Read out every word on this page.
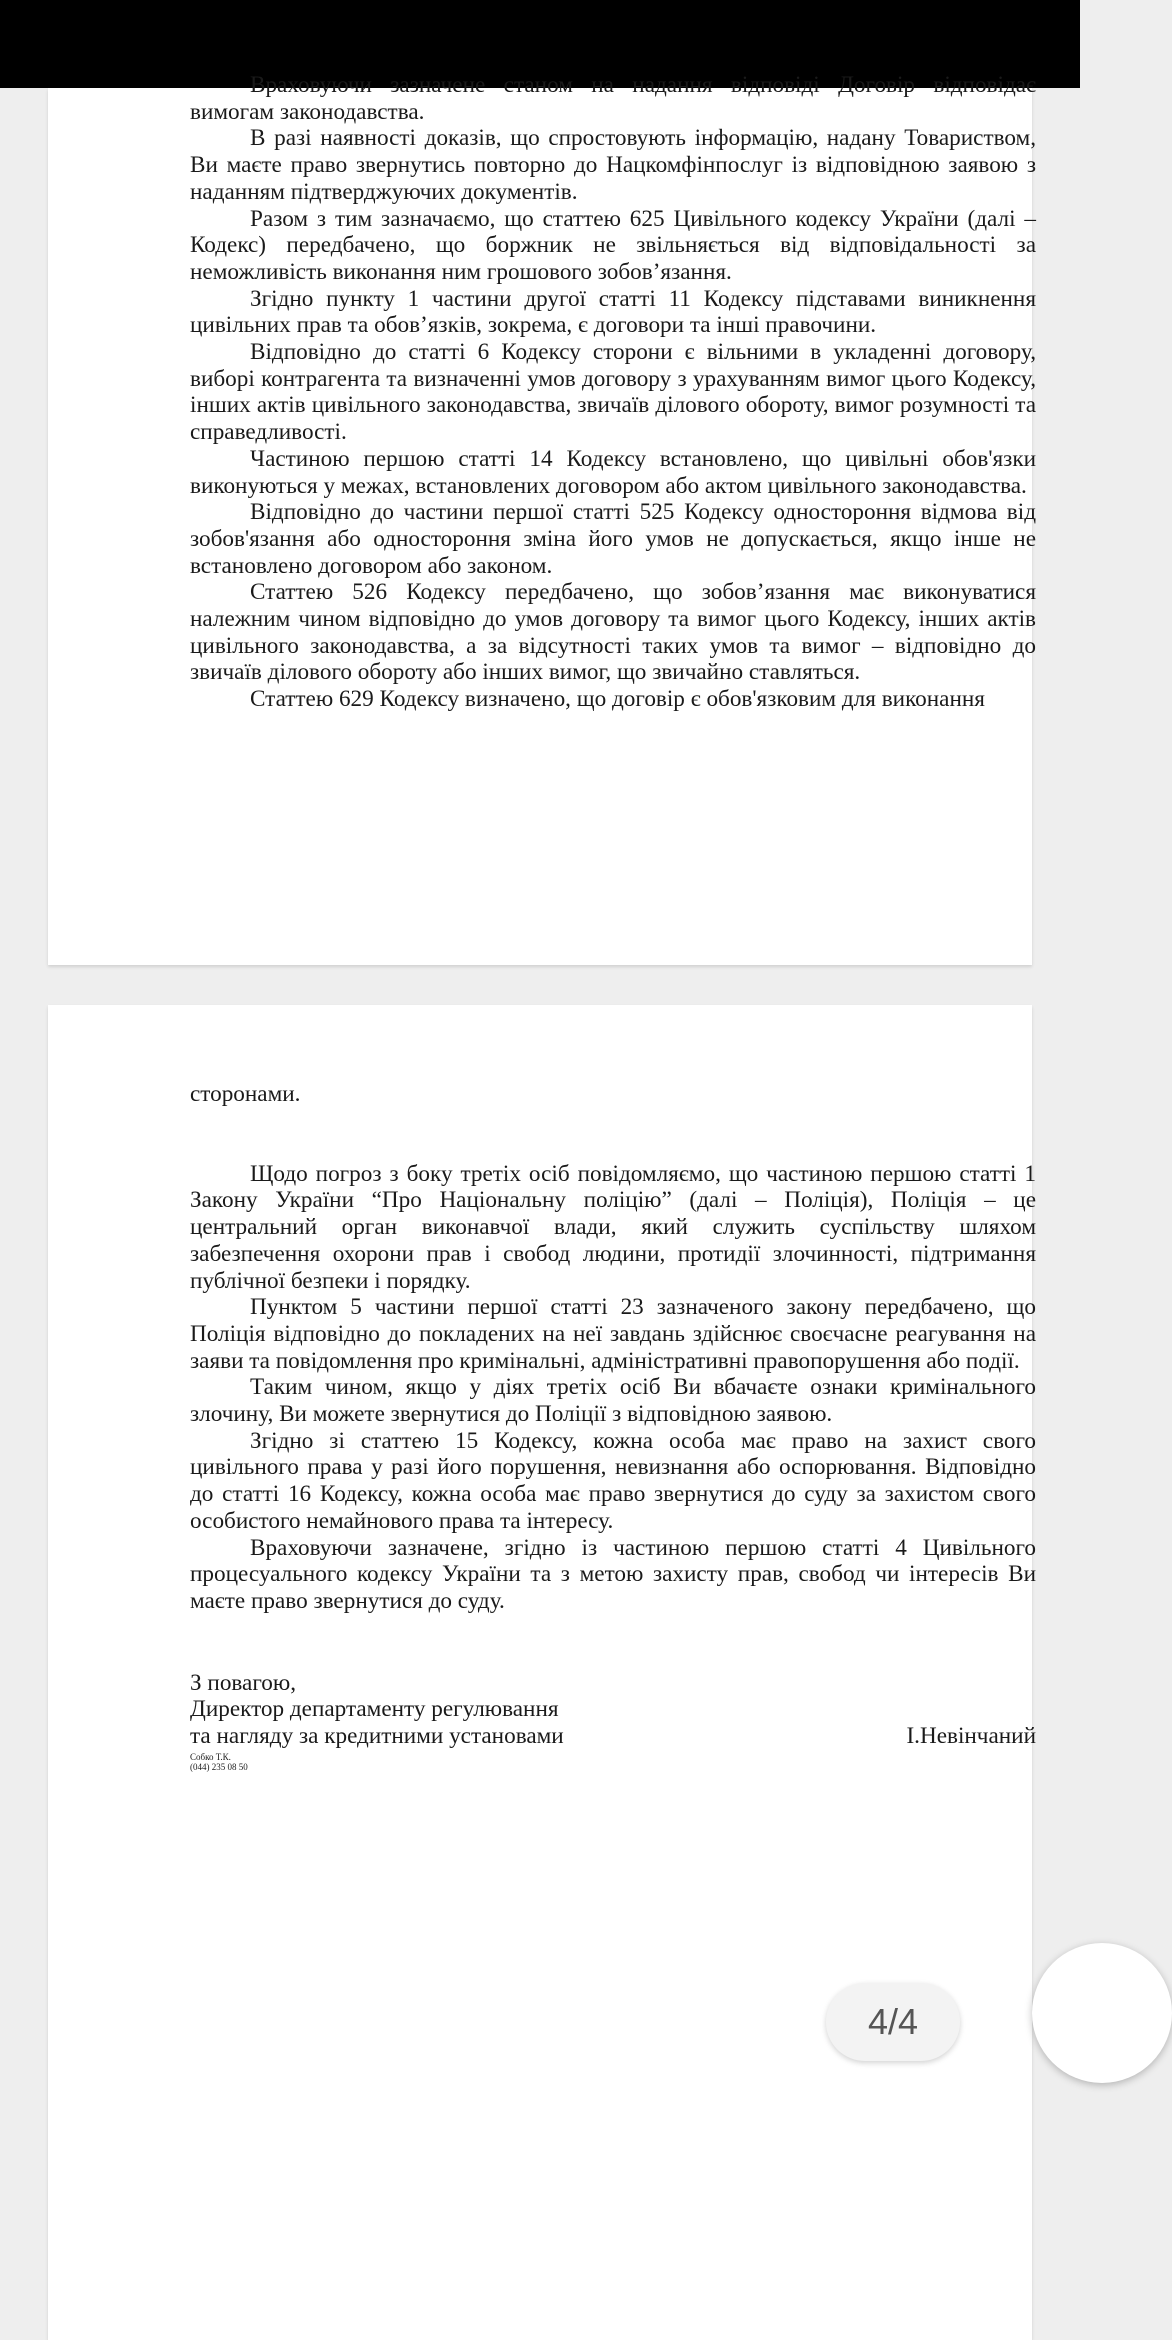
Враховуючи зазначене станом на надання відповіді Договір відповідає вимогам законодавства.

В разі наявності доказів, що спростовують інформацію, надану Товариством, Ви маєте право звернутись повторно до Нацкомфінпослуг із відповідною заявою з наданням підтверджуючих документів.

Разом з тим зазначаємо, що статтею 625 Цивільного кодексу України (далі – Кодекс) передбачено, що боржник не звільняється від відповідальності за неможливість виконання ним грошового зобов’язання.

Згідно пункту 1 частини другої статті 11 Кодексу підставами виникнення цивільних прав та обов’язків, зокрема, є договори та інші правочини.

Відповідно до статті 6 Кодексу сторони є вільними в укладенні договору, виборі контрагента та визначенні умов договору з урахуванням вимог цього Кодексу, інших актів цивільного законодавства, звичаїв ділового обороту, вимог розумності та справедливості.

Частиною першою статті 14 Кодексу встановлено, що цивільні обов'язки виконуються у межах, встановлених договором або актом цивільного законодавства.

Відповідно до частини першої статті 525 Кодексу одностороння відмова від зобов'язання або одностороння зміна його умов не допускається, якщо інше не встановлено договором або законом.

Статтею 526 Кодексу передбачено, що зобов’язання має виконуватися належним чином відповідно до умов договору та вимог цього Кодексу, інших актів цивільного законодавства, а за відсутності таких умов та вимог – відповідно до звичаїв ділового обороту або інших вимог, що звичайно ставляться.

Статтею 629 Кодексу визначено, що договір є обов'язковим для виконання

сторонами.

Щодо погроз з боку третіх осіб повідомляємо, що частиною першою статті 1 Закону України “Про Національну поліцію” (далі – Поліція), Поліція – це центральний орган виконавчої влади, який служить суспільству шляхом забезпечення охорони прав і свобод людини, протидії злочинності, підтримання публічної безпеки і порядку.

Пунктом 5 частини першої статті 23 зазначеного закону передбачено, що Поліція відповідно до покладених на неї завдань здійснює своєчасне реагування на заяви та повідомлення про кримінальні, адміністративні правопорушення або події.

Таким чином, якщо у діях третіх осіб Ви вбачаєте ознаки кримінального злочину, Ви можете звернутися до Поліції з відповідною заявою.

Згідно зі статтею 15 Кодексу, кожна особа має право на захист свого цивільного права у разі його порушення, невизнання або оспорювання. Відповідно до статті 16 Кодексу, кожна особа має право звернутися до суду за захистом свого особистого немайнового права та інтересу.

Враховуючи зазначене, згідно із частиною першою статті 4 Цивільного процесуального кодексу України та з метою захисту прав, свобод чи інтересів Ви маєте право звернутися до суду.

З повагою,
Директор департаменту регулювання
та нагляду за кредитними установами
Собко Т.К.
(044) 235 08 50
І.Невінчаний
4/4
